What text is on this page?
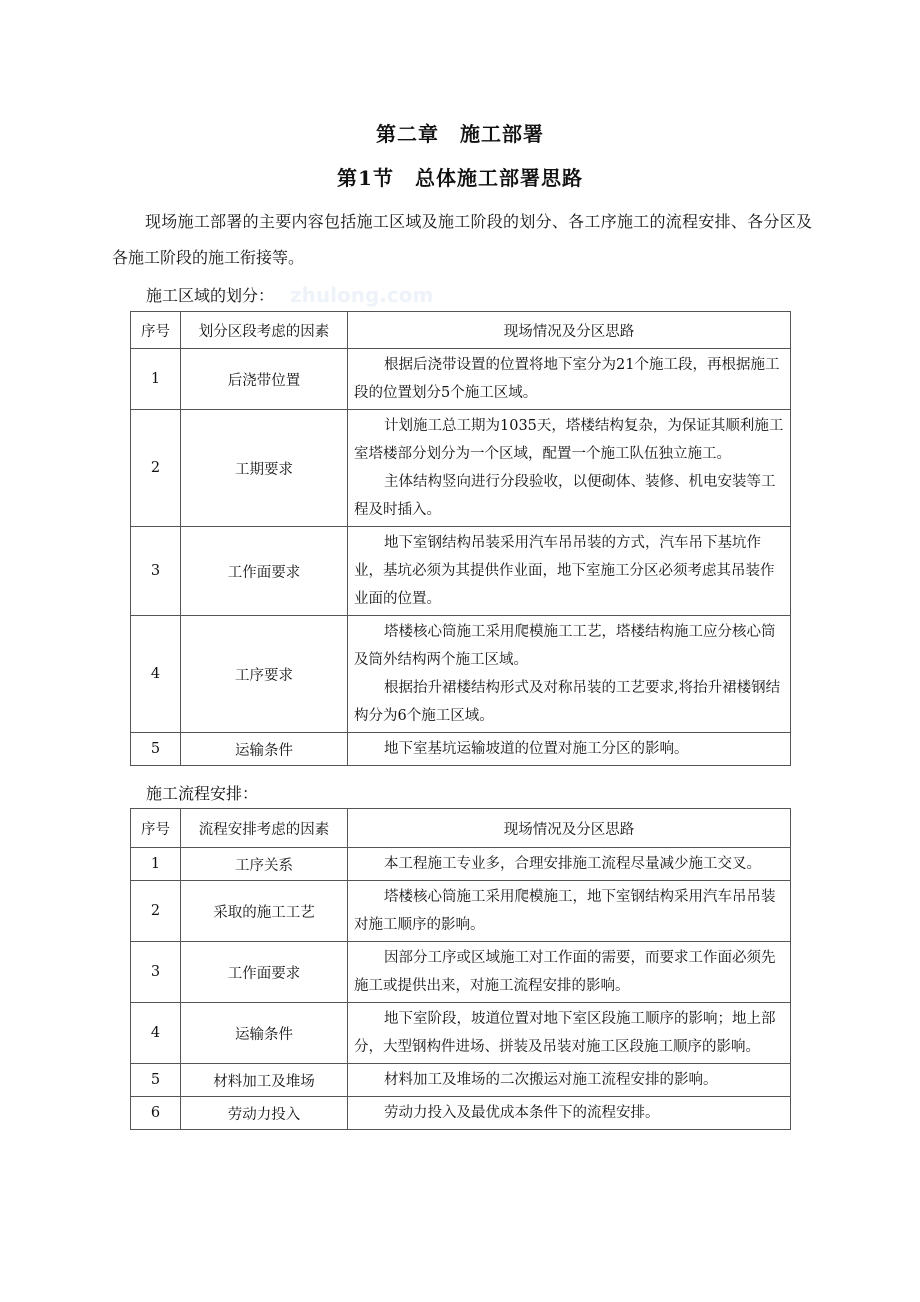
第二章　施工部署
第1节　总体施工部署思路
现场施工部署的主要内容包括施工区域及施工阶段的划分、各工序施工的流程安排、各分区及各施工阶段的施工衔接等。
zhulong.com
施工区域的划分：
序号	划分区段考虑的因素	现场情况及分区思路
1	后浇带位置	根据后浇带设置的位置将地下室分为21个施工段，再根据施工段的位置划分5个施工区域。

2	工期要求	计划施工总工期为1035天，塔楼结构复杂，为保证其顺利施工室塔楼部分划分为一个区域，配置一个施工队伍独立施工。

主体结构竖向进行分段验收，以便砌体、装修、机电安装等工程及时插入。

3	工作面要求	地下室钢结构吊装采用汽车吊吊装的方式，汽车吊下基坑作业，基坑必须为其提供作业面，地下室施工分区必须考虑其吊装作业面的位置。

4	工序要求	塔楼核心筒施工采用爬模施工工艺，塔楼结构施工应分核心筒及筒外结构两个施工区域。

根据抬升裙楼结构形式及对称吊装的工艺要求,将抬升裙楼钢结构分为6个施工区域。

5	运输条件	地下室基坑运输坡道的位置对施工分区的影响。

施工流程安排：
序号	流程安排考虑的因素	现场情况及分区思路
1	工序关系	本工程施工专业多，合理安排施工流程尽量减少施工交叉。

2	采取的施工工艺	塔楼核心筒施工采用爬模施工，地下室钢结构采用汽车吊吊装对施工顺序的影响。

3	工作面要求	因部分工序或区域施工对工作面的需要，而要求工作面必须先施工或提供出来，对施工流程安排的影响。

4	运输条件	地下室阶段，坡道位置对地下室区段施工顺序的影响；地上部分，大型钢构件进场、拼装及吊装对施工区段施工顺序的影响。

5	材料加工及堆场	材料加工及堆场的二次搬运对施工流程安排的影响。

6	劳动力投入	劳动力投入及最优成本条件下的流程安排。
